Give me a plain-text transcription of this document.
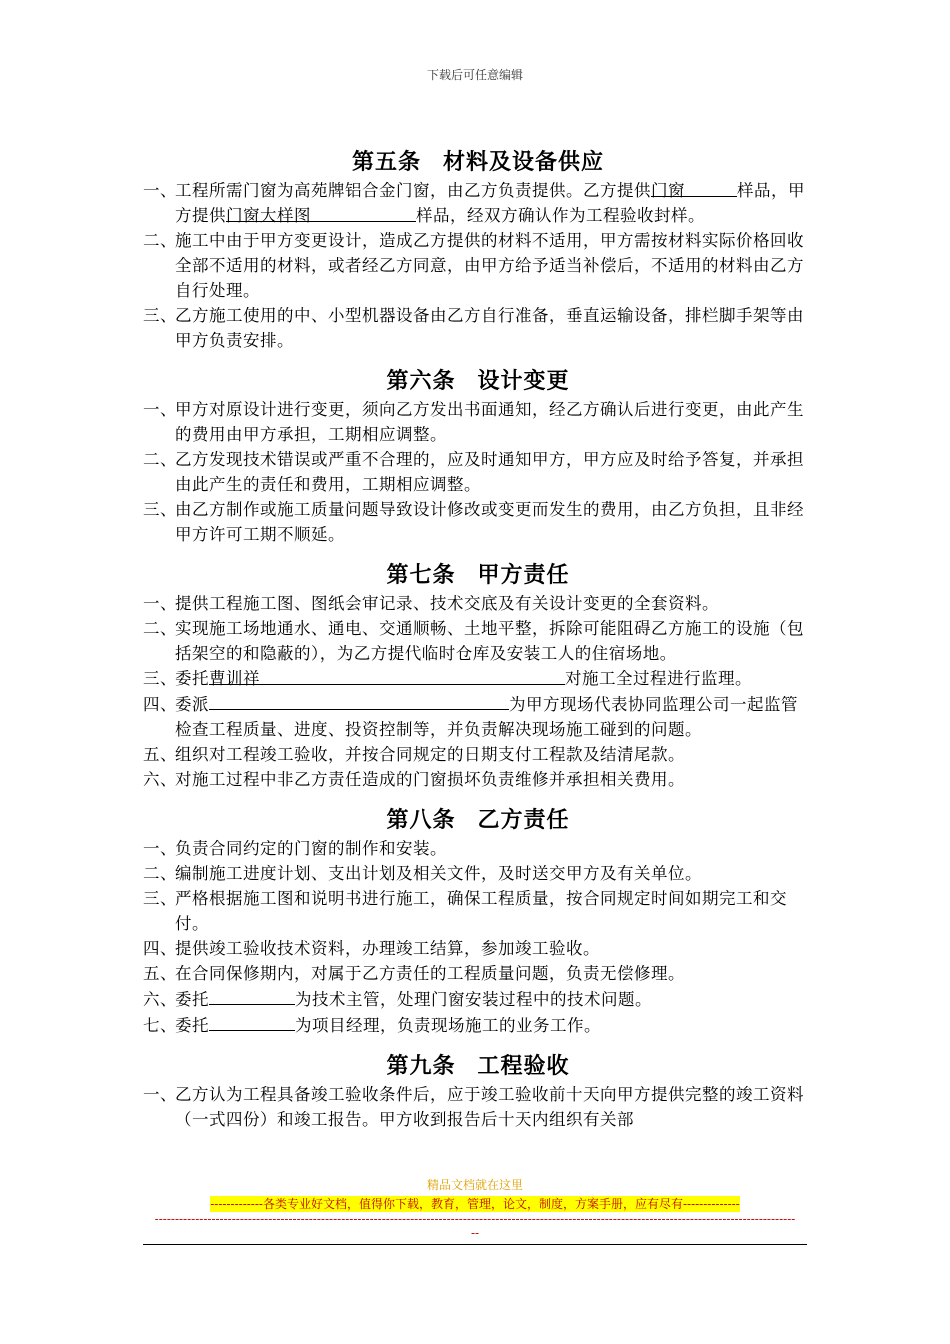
下载后可任意编辑
第五条 材料及设备供应
一、工程所需门窗为高苑牌铝合金门窗，由乙方负责提供。乙方提供门窗	样品，甲方提供门窗大样图	样品，经双方确认作为工程验收封样。
二、施工中由于甲方变更设计，造成乙方提供的材料不适用，甲方需按材料实际价格回收全部不适用的材料，或者经乙方同意，由甲方给予适当补偿后，不适用的材料由乙方自行处理。
三、乙方施工使用的中、小型机器设备由乙方自行准备，垂直运输设备，排栏脚手架等由甲方负责安排。
第六条 设计变更
一、甲方对原设计进行变更，须向乙方发出书面通知，经乙方确认后进行变更，由此产生的费用由甲方承担，工期相应调整。
二、乙方发现技术错误或严重不合理的，应及时通知甲方，甲方应及时给予答复，并承担由此产生的责任和费用，工期相应调整。
三、由乙方制作或施工质量问题导致设计修改或变更而发生的费用，由乙方负担，且非经甲方许可工期不顺延。
第七条 甲方责任
一、提供工程施工图、图纸会审记录、技术交底及有关设计变更的全套资料。
二、实现施工场地通水、通电、交通顺畅、土地平整，拆除可能阻碍乙方施工的设施（包括架空的和隐蔽的），为乙方提代临时仓库及安装工人的住宿场地。
三、委托曹训祥	对施工全过程进行监理。
四、委派	为甲方现场代表协同监理公司一起监管检查工程质量、进度、投资控制等，并负责解决现场施工碰到的问题。
五、组织对工程竣工验收，并按合同规定的日期支付工程款及结清尾款。
六、对施工过程中非乙方责任造成的门窗损坏负责维修并承担相关费用。
第八条 乙方责任
一、负责合同约定的门窗的制作和安装。
二、编制施工进度计划、支出计划及相关文件，及时送交甲方及有关单位。
三、严格根据施工图和说明书进行施工，确保工程质量，按合同规定时间如期完工和交付。
四、提供竣工验收技术资料，办理竣工结算，参加竣工验收。
五、在合同保修期内，对属于乙方责任的工程质量问题，负责无偿修理。
六、委托	为技术主管，处理门窗安装过程中的技术问题。
七、委托	为项目经理，负责现场施工的业务工作。
第九条 工程验收
一、乙方认为工程具备竣工验收条件后，应于竣工验收前十天向甲方提供完整的竣工资料（一式四份）和竣工报告。甲方收到报告后十天内组织有关部
精品文档就在这里
-------------各类专业好文档，值得你下载，教育，管理，论文，制度，方案手册，应有尽有--------------
--------------------------------------------------------------------------------------------------------------------------------------------------------------
--
